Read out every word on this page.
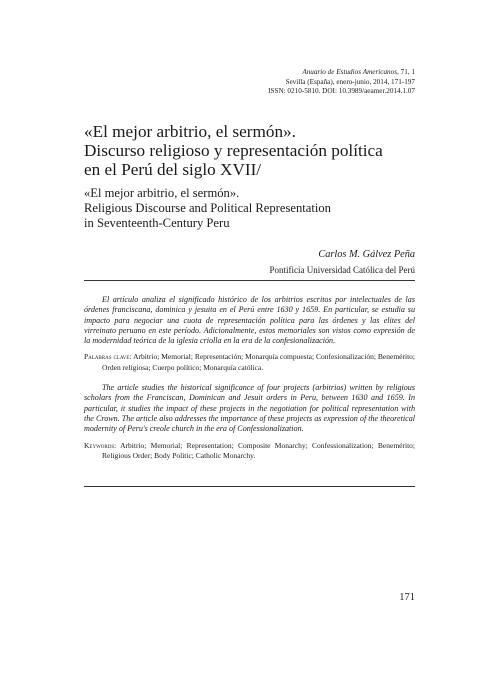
Anuario de Estudios Americanos, 71, 1
Sevilla (España), enero-junio, 2014, 171-197
ISSN: 0210-5810. DOI: 10.3989/aeamer.2014.1.07
«El mejor arbitrio, el sermón».
Discurso religioso y representación política
en el Perú del siglo XVII/
«El mejor arbitrio, el sermón».
Religious Discourse and Political Representation
in Seventeenth-Century Peru
Carlos M. Gálvez Peña
Pontificia Universidad Católica del Perú

El artículo analiza el significado histórico de los arbitrios escritos por intelectuales de las órdenes franciscana, dominica y jesuita en el Perú entre 1630 y 1659. En particular, se estudia su impacto para negociar una cuota de representación política para las órdenes y las elites del virreinato peruano en este período. Adicionalmente, estos memoriales son vistos como expresión de la modernidad teórica de la iglesia criolla en la era de la confesionalización.

Palabras clave: Arbitrio; Memorial; Representación; Monarquía compuesta; Confesionalización; Benemérito; Orden religiosa; Cuerpo político; Monarquía católica.

The article studies the historical significance of four projects (arbitrios) written by religious scholars from the Franciscan, Dominican and Jesuit orders in Peru, between 1630 and 1659. In particular, it studies the impact of these projects in the negotiation for political representation with the Crown. The article also addresses the importance of these projects as expression of the theoretical modernity of Peru's creole church in the era of Confessionalization.

Keywords: Arbitrio; Memorial; Representation; Composite Monarchy; Confessionalization; Benemérito; Religious Order; Body Politic; Catholic Monarchy.

171
